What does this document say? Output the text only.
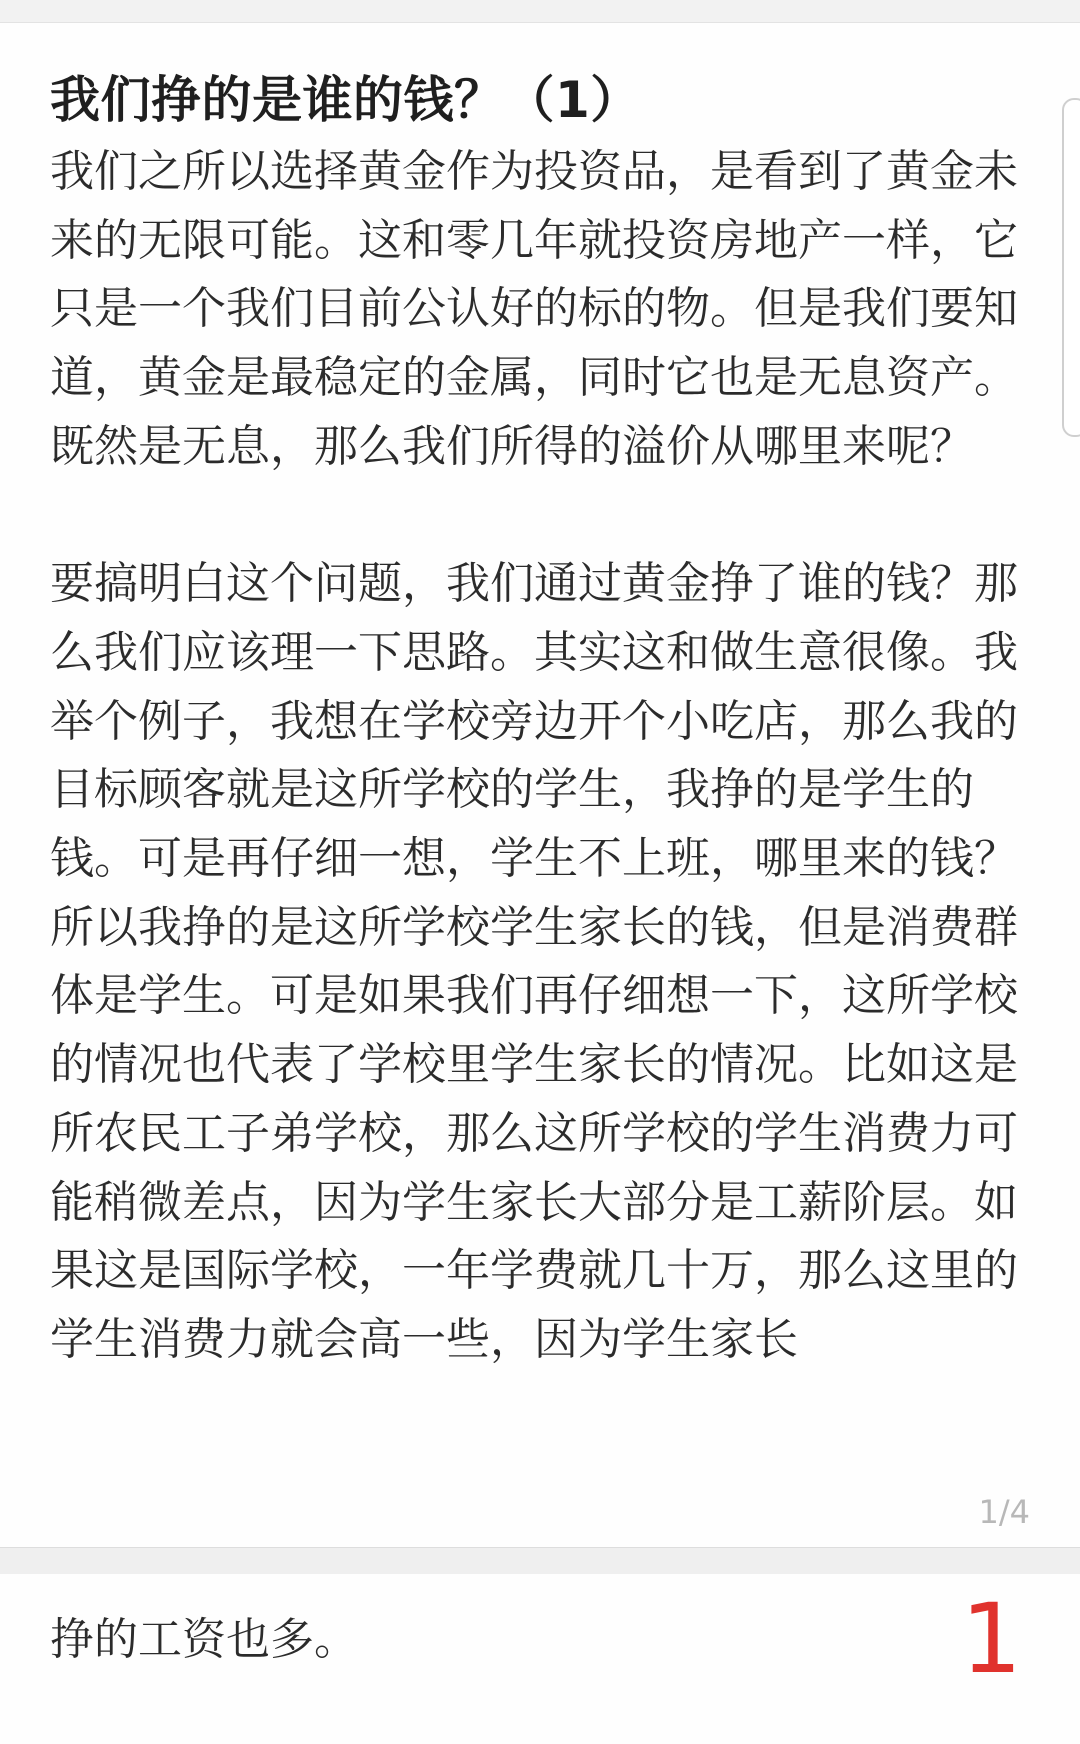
我们挣的是谁的钱？（1）

我们之所以选择黄金作为投资品，是看到了黄金未来的无限可能。这和零几年就投资房地产一样，它只是一个我们目前公认好的标的物。但是我们要知道，黄金是最稳定的金属，同时它也是无息资产。既然是无息，那么我们所得的溢价从哪里来呢？

要搞明白这个问题，我们通过黄金挣了谁的钱？那么我们应该理一下思路。其实这和做生意很像。我举个例子，我想在学校旁边开个小吃店，那么我的目标顾客就是这所学校的学生，我挣的是学生的钱。可是再仔细一想，学生不上班，哪里来的钱？所以我挣的是这所学校学生家长的钱，但是消费群体是学生。可是如果我们再仔细想一下，这所学校的情况也代表了学校里学生家长的情况。比如这是所农民工子弟学校，那么这所学校的学生消费力可能稍微差点，因为学生家长大部分是工薪阶层。如果这是国际学校，一年学费就几十万，那么这里的学生消费力就会高一些，因为学生家长

1/4

挣的工资也多。	1
